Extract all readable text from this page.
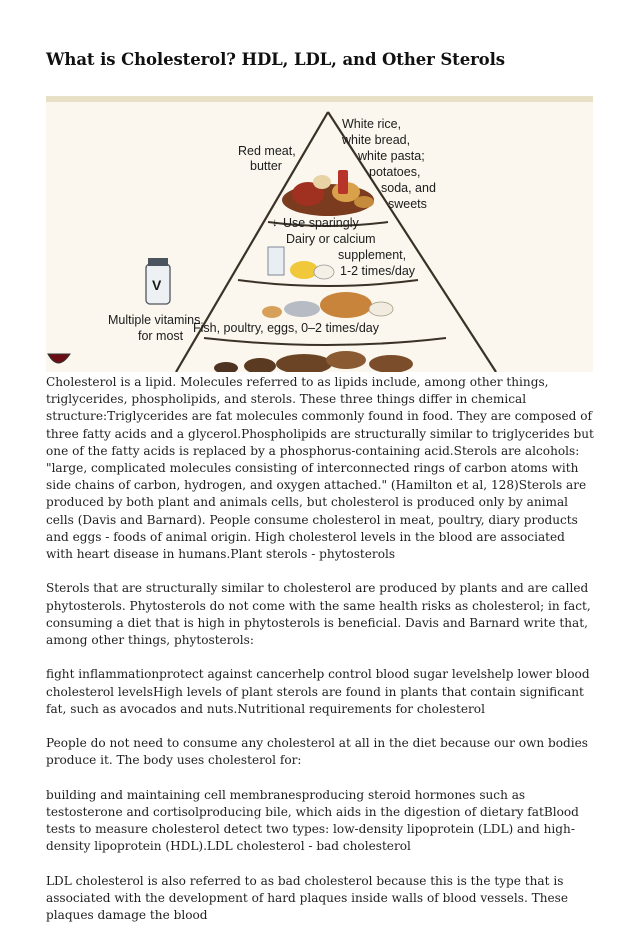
What is Cholesterol? HDL, LDL, and Other Sterols
↓ Use sparingly
V
Red meat,
butter
White rice,
white bread,
white pasta;
potatoes,
soda, and
sweets
Dairy or calcium
supplement,
1-2 times/day
Multiple vitamins
for most
Fish, poultry, eggs, 0–2 times/day

Cholesterol is a lipid. Molecules referred to as lipids include, among other things, triglycerides, phospholipids, and sterols. These three things differ in chemical structure:Triglycerides are fat molecules commonly found in food. They are composed of three fatty acids and a glycerol.Phospholipids are structurally similar to triglycerides but one of the fatty acids is replaced by a phosphorus-containing acid.Sterols are alcohols: "large, complicated molecules consisting of interconnected rings of carbon atoms with side chains of carbon, hydrogen, and oxygen attached." (Hamilton et al, 128)Sterols are produced by both plant and animals cells, but cholesterol is produced only by animal cells (Davis and Barnard). People consume cholesterol in meat, poultry, diary products and eggs - foods of animal origin. High cholesterol levels in the blood are associated with heart disease in humans.Plant sterols - phytosterols

Sterols that are structurally similar to cholesterol are produced by plants and are called phytosterols. Phytosterols do not come with the same health risks as cholesterol; in fact, consuming a diet that is high in phytosterols is beneficial. Davis and Barnard write that, among other things, phytosterols:

fight inflammationprotect against cancerhelp control blood sugar levelshelp lower blood cholesterol levelsHigh levels of plant sterols are found in plants that contain significant fat, such as avocados and nuts.Nutritional requirements for cholesterol

People do not need to consume any cholesterol at all in the diet because our own bodies produce it. The body uses cholesterol for:

building and maintaining cell membranesproducing steroid hormones such as testosterone and cortisolproducing bile, which aids in the digestion of dietary fatBlood tests to measure cholesterol detect two types: low-density lipoprotein (LDL) and high-density lipoprotein (HDL).LDL cholesterol - bad cholesterol

LDL cholesterol is also referred to as bad cholesterol because this is the type that is associated with the development of hard plaques inside walls of blood vessels. These plaques damage the blood
